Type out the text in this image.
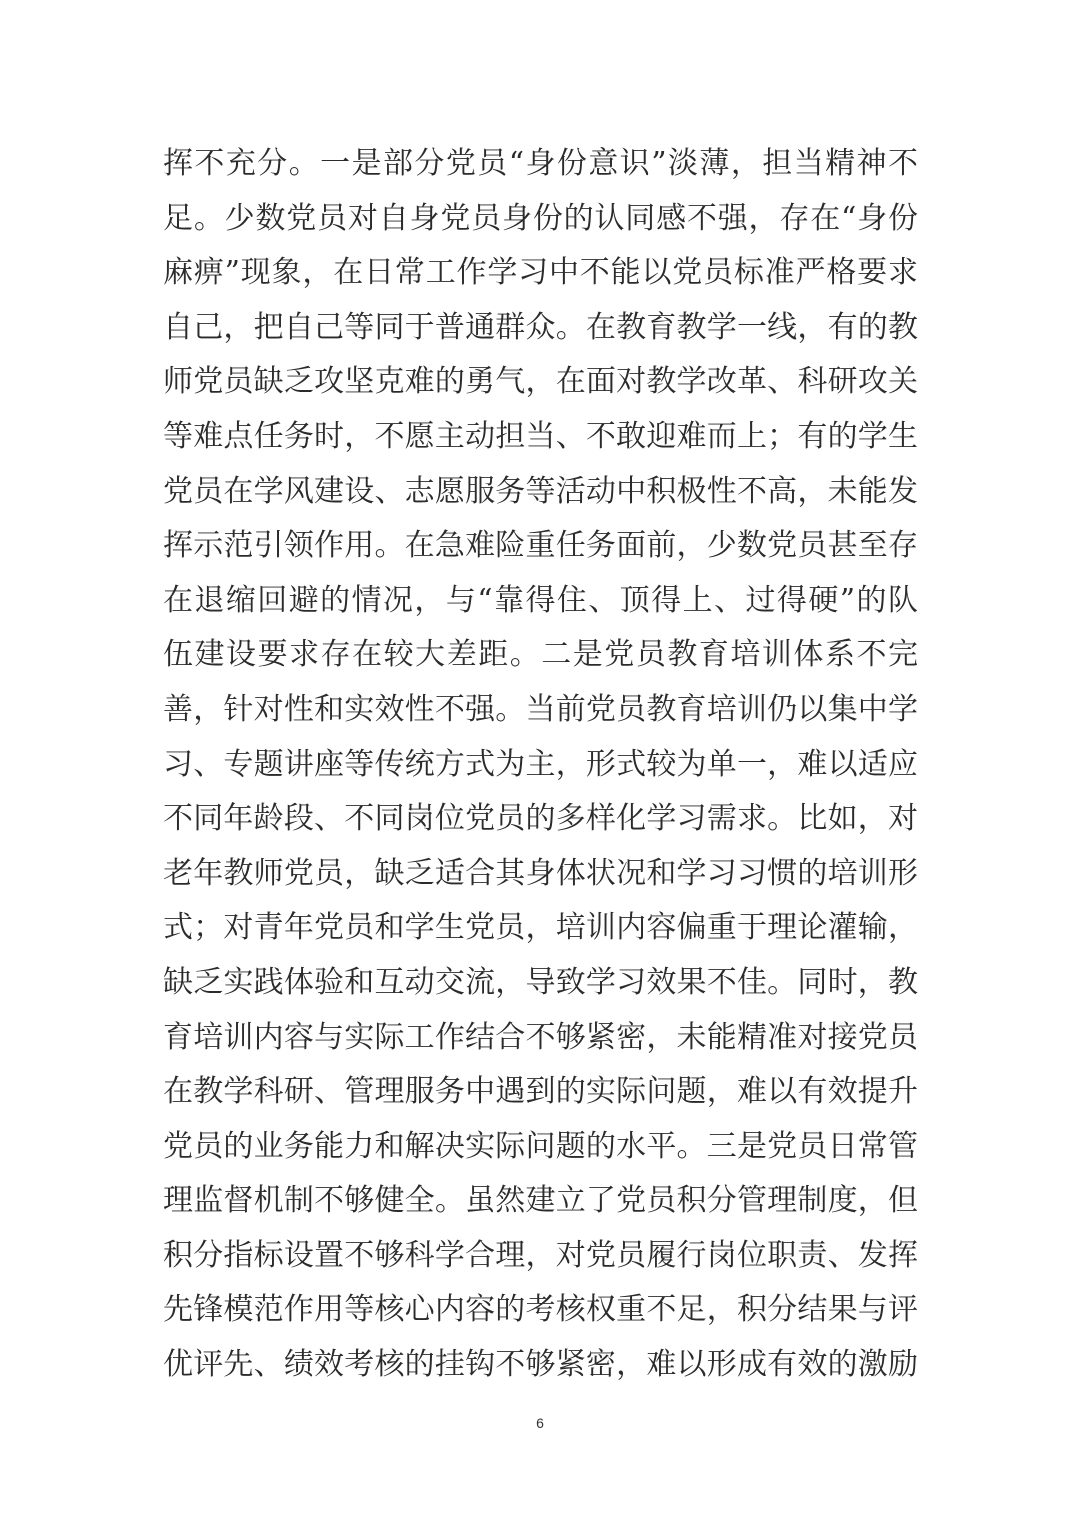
挥不充分。一是部分党员“身份意识”淡薄，担当精神不
足。少数党员对自身党员身份的认同感不强，存在“身份
麻痹”现象，在日常工作学习中不能以党员标准严格要求
自己，把自己等同于普通群众。在教育教学一线，有的教
师党员缺乏攻坚克难的勇气，在面对教学改革、科研攻关
等难点任务时，不愿主动担当、不敢迎难而上；有的学生
党员在学风建设、志愿服务等活动中积极性不高，未能发
挥示范引领作用。在急难险重任务面前，少数党员甚至存
在退缩回避的情况，与“靠得住、顶得上、过得硬”的队
伍建设要求存在较大差距。二是党员教育培训体系不完
善，针对性和实效性不强。当前党员教育培训仍以集中学
习、专题讲座等传统方式为主，形式较为单一，难以适应
不同年龄段、不同岗位党员的多样化学习需求。比如，对
老年教师党员，缺乏适合其身体状况和学习习惯的培训形
式；对青年党员和学生党员，培训内容偏重于理论灌输，
缺乏实践体验和互动交流，导致学习效果不佳。同时，教
育培训内容与实际工作结合不够紧密，未能精准对接党员
在教学科研、管理服务中遇到的实际问题，难以有效提升
党员的业务能力和解决实际问题的水平。三是党员日常管
理监督机制不够健全。虽然建立了党员积分管理制度，但
积分指标设置不够科学合理，对党员履行岗位职责、发挥
先锋模范作用等核心内容的考核权重不足，积分结果与评
优评先、绩效考核的挂钩不够紧密，难以形成有效的激励
6
